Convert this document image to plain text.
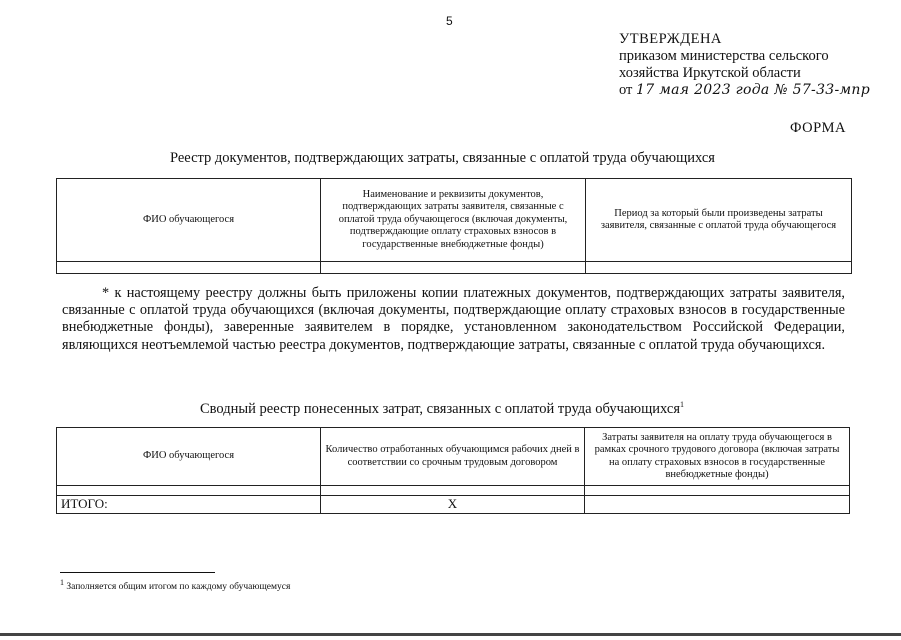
5
УТВЕРЖДЕНА
приказом министерства сельского
хозяйства Иркутской области
от 17 мая 2023 года № 57-33-мпр
ФОРМА
Реестр документов, подтверждающих затраты, связанные с оплатой труда обучающихся
ФИО обучающегося	Наименование и реквизиты документов, подтверждающих затраты заявителя, связанные с оплатой труда обучающегося (включая документы, подтверждающие оплату страховых взносов в государственные внебюджетные фонды)	Период за который были произведены затраты заявителя, связанные с оплатой труда обучающегося

* к настоящему реестру должны быть приложены копии платежных документов, подтверждающих затраты заявителя, связанные с оплатой труда обучающихся (включая документы, подтверждающие оплату страховых взносов в государственные внебюджетные фонды), заверенные заявителем в порядке, установленном законодательством Российской Федерации, являющихся неотъемлемой частью реестра документов, подтверждающие затраты, связанные с оплатой труда обучающихся.
Сводный реестр понесенных затрат, связанных с оплатой труда обучающихся$^1$
ФИО обучающегося	Количество отработанных обучающимся рабочих дней в соответствии со срочным трудовым договором	Затраты заявителя на оплату труда обучающегося в рамках срочного трудового договора (включая затраты на оплату страховых взносов в государственные внебюджетные фонды)

ИТОГО:	Х	
$^1$ Заполняется общим итогом по каждому обучающемуся
